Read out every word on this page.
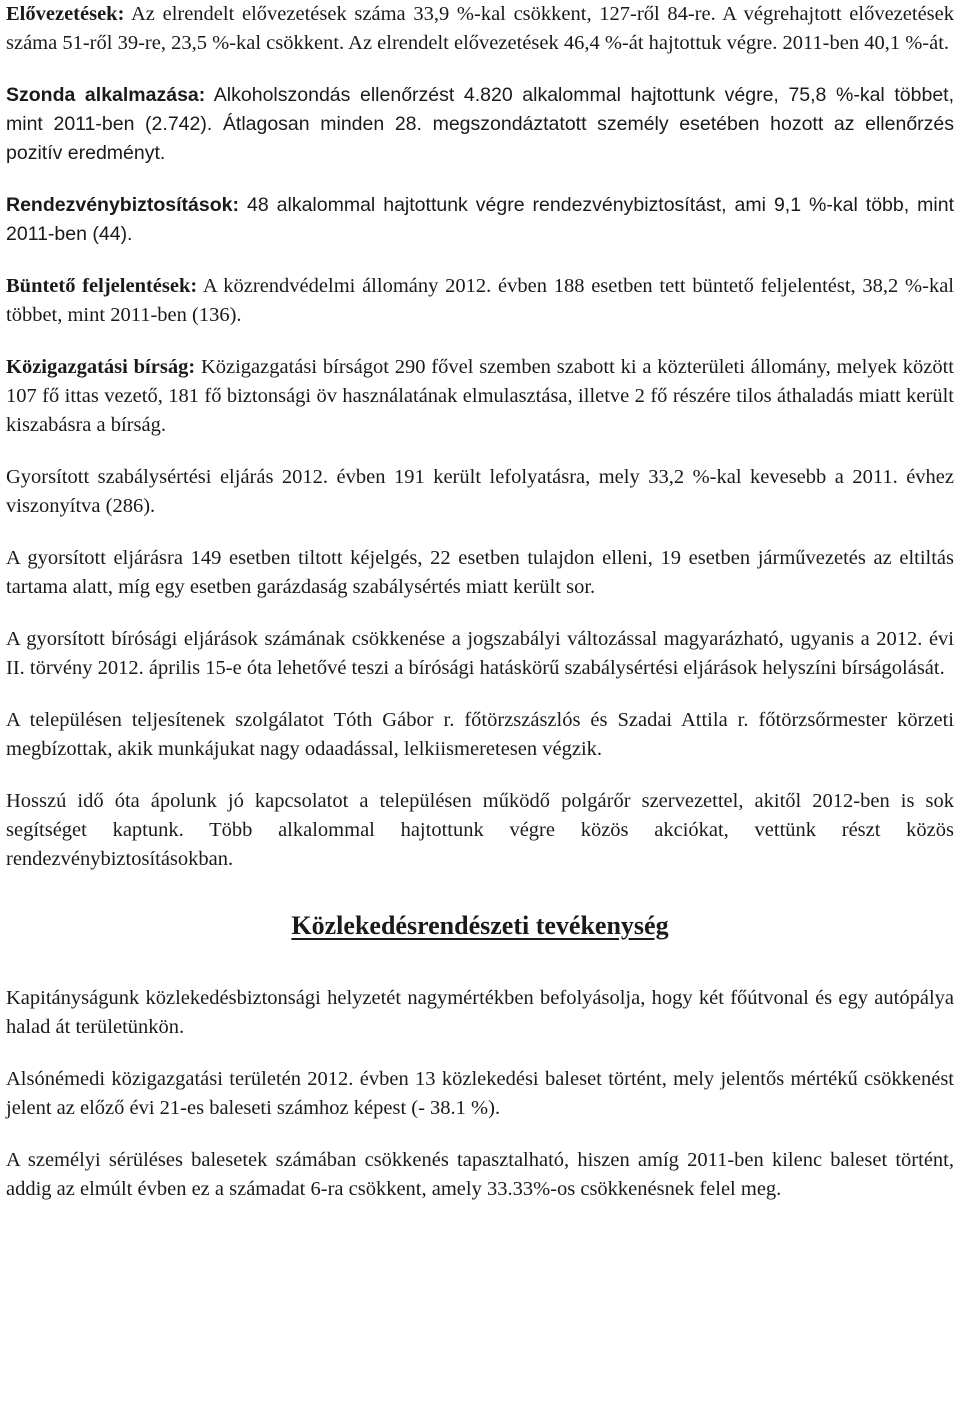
Elővezetések: Az elrendelt elővezetések száma 33,9 %-kal csökkent, 127-ről 84-re. A végrehajtott elővezetések száma 51-ről 39-re, 23,5 %-kal csökkent. Az elrendelt elővezetések 46,4 %-át hajtottuk végre. 2011-ben 40,1 %-át.

Szonda alkalmazása: Alkoholszondás ellenőrzést 4.820 alkalommal hajtottunk végre, 75,8 %-kal többet, mint 2011-ben (2.742). Átlagosan minden 28. megszondáztatott személy esetében hozott az ellenőrzés pozitív eredményt.

Rendezvénybiztosítások: 48 alkalommal hajtottunk végre rendezvénybiztosítást, ami 9,1 %-kal több, mint 2011-ben (44).

Büntető feljelentések: A közrendvédelmi állomány 2012. évben 188 esetben tett büntető feljelentést, 38,2 %-kal többet, mint 2011-ben (136).

Közigazgatási bírság: Közigazgatási bírságot 290 fővel szemben szabott ki a közterületi állomány, melyek között 107 fő ittas vezető, 181 fő biztonsági öv használatának elmulasztása, illetve 2 fő részére tilos áthaladás miatt került kiszabásra a bírság.

Gyorsított szabálysértési eljárás 2012. évben 191 került lefolyatásra, mely 33,2 %-kal kevesebb a 2011. évhez viszonyítva (286).

A gyorsított eljárásra 149 esetben tiltott kéjelgés, 22 esetben tulajdon elleni, 19 esetben járművezetés az eltiltás tartama alatt, míg egy esetben garázdaság szabálysértés miatt került sor.

A gyorsított bírósági eljárások számának csökkenése a jogszabályi változással magyarázható, ugyanis a 2012. évi II. törvény 2012. április 15-e óta lehetővé teszi a bírósági hatáskörű szabálysértési eljárások helyszíni bírságolását.

A településen teljesítenek szolgálatot Tóth Gábor r. főtörzszászlós és Szadai Attila r. főtörzsőrmester körzeti megbízottak, akik munkájukat nagy odaadással, lelkiismeretesen végzik.

Hosszú idő óta ápolunk jó kapcsolatot a településen működő polgárőr szervezettel, akitől 2012-ben is sok segítséget kaptunk. Több alkalommal hajtottunk végre közös akciókat, vettünk részt közös rendezvénybiztosításokban.

Közlekedésrendészeti tevékenység

Kapitányságunk közlekedésbiztonsági helyzetét nagymértékben befolyásolja, hogy két főútvonal és egy autópálya halad át területünkön.

Alsónémedi közigazgatási területén 2012. évben 13 közlekedési baleset történt, mely jelentős mértékű csökkenést jelent az előző évi 21-es baleseti számhoz képest (- 38.1 %).

A személyi sérüléses balesetek számában csökkenés tapasztalható, hiszen amíg 2011-ben kilenc baleset történt, addig az elmúlt évben ez a számadat 6-ra csökkent, amely 33.33%-os csökkenésnek felel meg.
